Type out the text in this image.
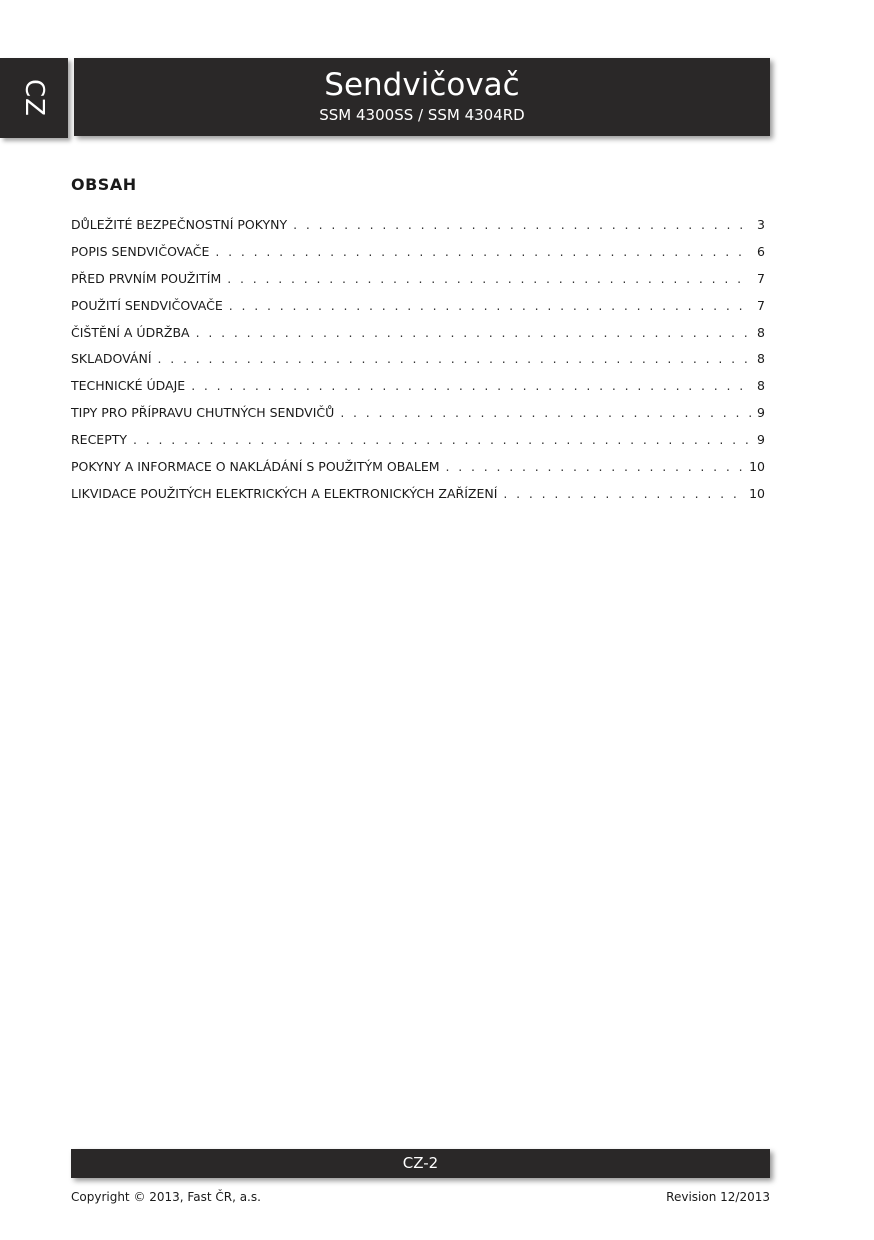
CZ	Sendvičovač
SSM 4300SS / SSM 4304RD
OBSAH
DŮLEŽITÉ BEZPEČNOSTNÍ POKYNY . . .	3
POPIS SENDVIČOVAČE . . .	6
PŘED PRVNÍM POUŽITÍM . . .	7
POUŽITÍ SENDVIČOVAČE . . .	7
ČIŠTĚNÍ A ÚDRŽBA . . .	8
SKLADOVÁNÍ . . .	8
TECHNICKÉ ÚDAJE . . .	8
TIPY PRO PŘÍPRAVU CHUTNÝCH SENDVIČŮ . . .	9
RECEPTY . . .	9
POKYNY A INFORMACE O NAKLÁDÁNÍ S POUŽITÝM OBALEM . . .	10
LIKVIDACE POUŽITÝCH ELEKTRICKÝCH A ELEKTRONICKÝCH ZAŘÍZENÍ . . .	10
CZ-2
Copyright © 2013, Fast ČR, a.s.	Revision 12/2013
